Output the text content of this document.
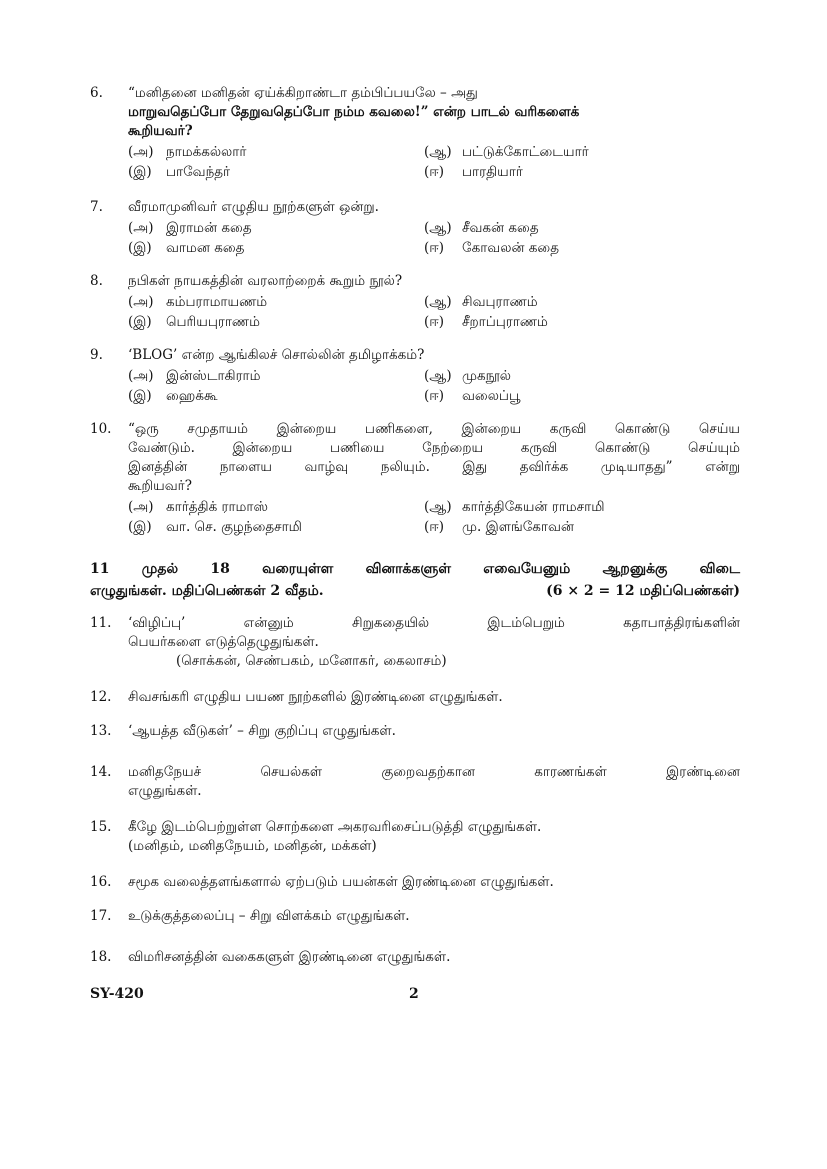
6.	“மனிதனை மனிதன் ஏய்க்கிறாண்டா தம்பிப்பயலே – அது
மாறுவதெப்போ தேறுவதெப்போ நம்ம கவலை!” என்ற பாடல் வரிகளைக்
கூறியவர்?
(அ) நாமக்கல்லார்	(ஆ) பட்டுக்கோட்டையார்
(இ) பாவேந்தர்	(ஈ) பாரதியார்
7.	வீரமாமுனிவர் எழுதிய நூற்களுள் ஒன்று.
(அ) இராமன் கதை	(ஆ) சீவகன் கதை
(இ) வாமன கதை	(ஈ) கோவலன் கதை
8.	நபிகள் நாயகத்தின் வரலாற்றைக் கூறும் நூல்?
(அ) கம்பராமாயணம்	(ஆ) சிவபுராணம்
(இ) பெரியபுராணம்	(ஈ) சீறாப்புராணம்
9.	‘BLOG’ என்ற ஆங்கிலச் சொல்லின் தமிழாக்கம்?
(அ) இன்ஸ்டாகிராம்	(ஆ) முகநூல்
(இ) ஹைக்கூ	(ஈ) வலைப்பூ
10.	“ஒரு சமுதாயம் இன்றைய பணிகளை, இன்றைய கருவி கொண்டு செய்ய
வேண்டும். இன்றைய பணியை நேற்றைய கருவி கொண்டு செய்யும்
இனத்தின் நாளைய வாழ்வு நலியும். இது தவிர்க்க முடியாதது” என்று
கூறியவர்?
(அ) கார்த்திக் ராமாஸ்	(ஆ) கார்த்திகேயன் ராமசாமி
(இ) வா. செ. குழந்தைசாமி	(ஈ) மு. இளங்கோவன்
11 முதல் 18 வரையுள்ள வினாக்களுள் எவையேனும் ஆறனுக்கு விடை
எழுதுங்கள். மதிப்பெண்கள் 2 வீதம்.	(6 × 2 = 12 மதிப்பெண்கள்)
11.	‘விழிப்பு’ என்னும் சிறுகதையில் இடம்பெறும் கதாபாத்திரங்களின்
பெயர்களை எடுத்தெழுதுங்கள்.
(சொக்கன், செண்பகம், மனோகர், கைலாசம்)
12.	சிவசங்கரி எழுதிய பயண நூற்களில் இரண்டினை எழுதுங்கள்.
13.	‘ஆயத்த வீடுகள்’ – சிறு குறிப்பு எழுதுங்கள்.
14.	மனிதநேயச் செயல்கள் குறைவதற்கான காரணங்கள் இரண்டினை
எழுதுங்கள்.
15.	கீழே இடம்பெற்றுள்ள சொற்களை அகரவரிசைப்படுத்தி எழுதுங்கள்.
(மனிதம், மனிதநேயம், மனிதன், மக்கள்)
16.	சமூக வலைத்தளங்களால் ஏற்படும் பயன்கள் இரண்டினை எழுதுங்கள்.
17.	உடுக்குத்தலைப்பு – சிறு விளக்கம் எழுதுங்கள்.
18.	விமரிசனத்தின் வகைகளுள் இரண்டினை எழுதுங்கள்.
SY-420	2
